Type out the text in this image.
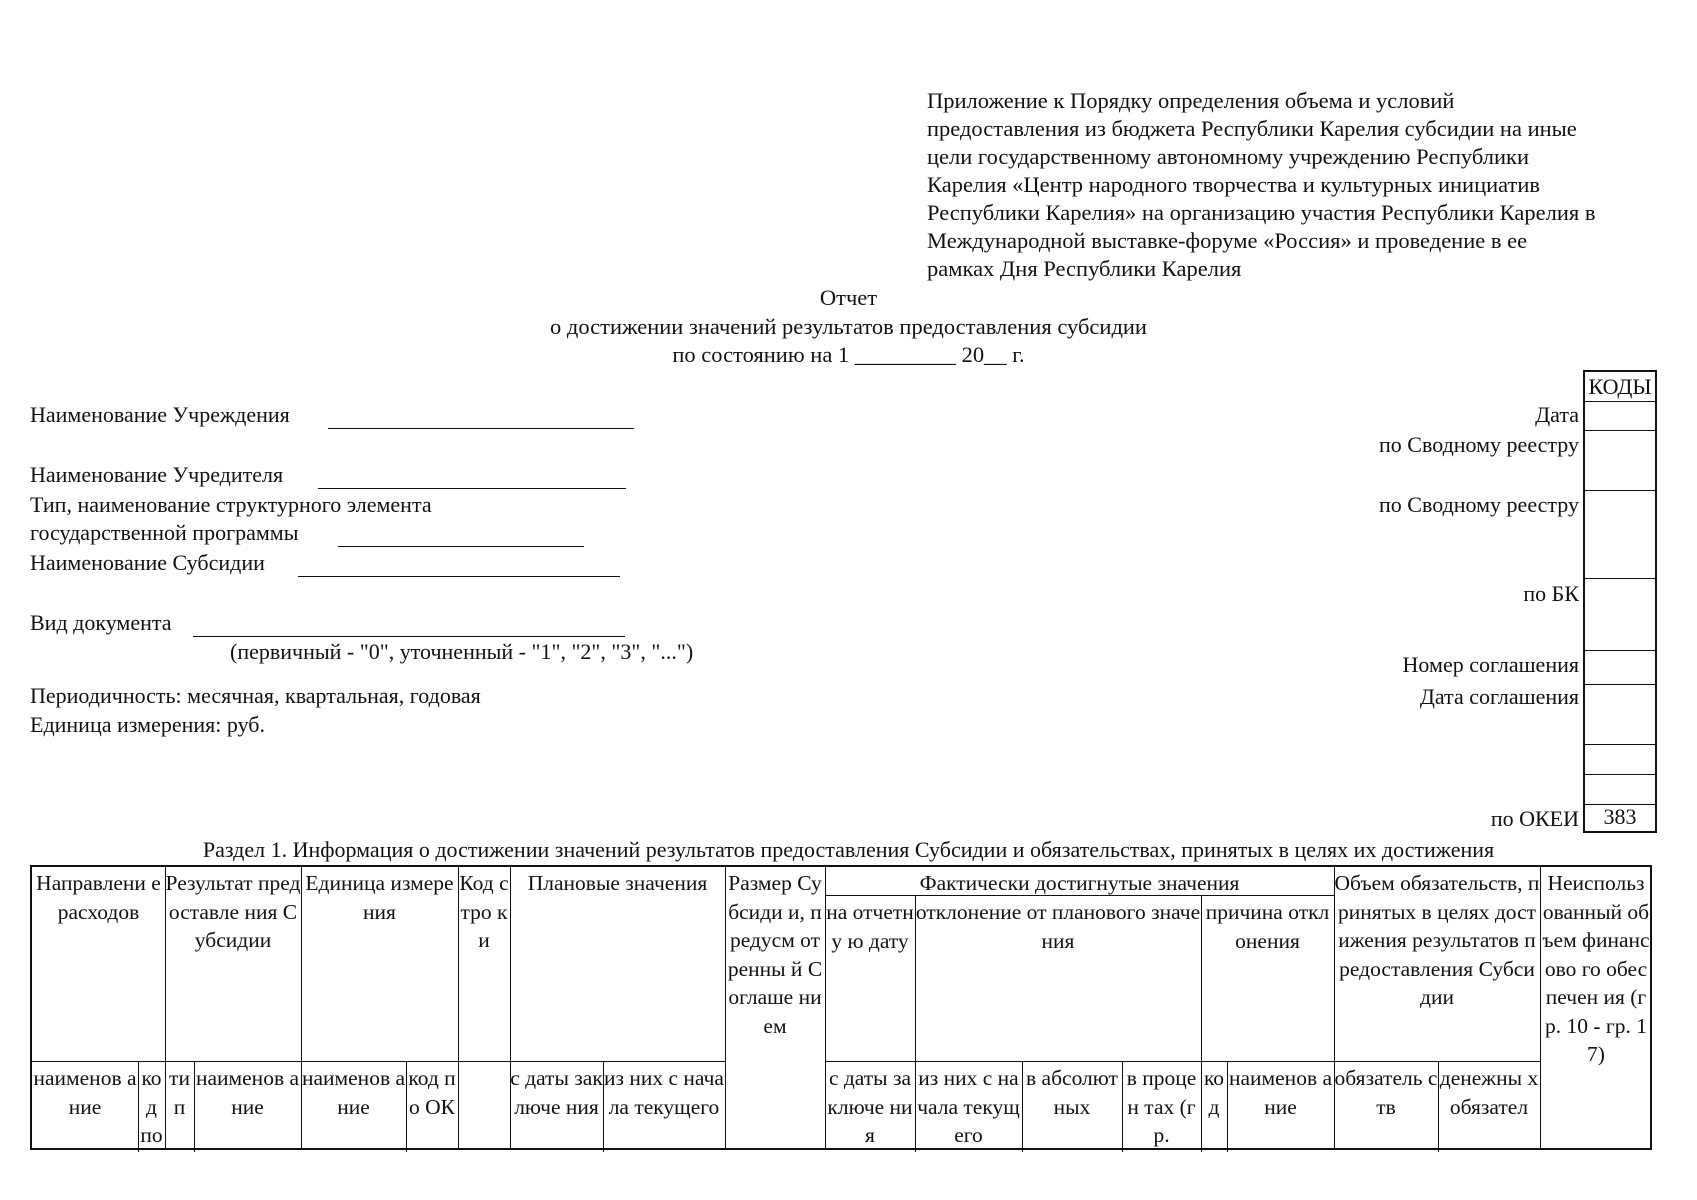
Приложение к Порядку определения объема и условий
предоставления из бюджета Республики Карелия субсидии на иные
цели государственному автономному учреждению Республики
Карелия «Центр народного творчества и культурных инициатив
Республики Карелия» на организацию участия Республики Карелия в
Международной выставке-форуме «Россия» и проведение в ее
рамках Дня Республики Карелия
Отчет
о достижении значений результатов предоставления субсидии
по состоянию на 1 _________ 20__ г.
Наименование Учреждения
Наименование Учредителя
Тип, наименование структурного элемента
государственной программы
Наименование Субсидии
Вид документа
(первичный - "0", уточненный - "1", "2", "3", "...")
Периодичность: месячная, квартальная, годовая
Единица измерения: руб.
Дата
по Сводному реестру
по Сводному реестру
по БК
Номер соглашения
Дата соглашения
по ОКЕИ
КОДЫ
383
Раздел 1. Информация о достижении значений результатов предоставления Субсидии и обязательствах, принятых в целях их достижения
Направлени е расходов
Результат предоставле ния Субсидии
Единица измерения
Код стро ки
Плановые значения Размер Субсиди и, предусм отренны й Соглаше нием
Фактически достигнутые значения
на отчетну ю дату
отклонение от планового значения
причина отклонения
Объем обязательств, принятых в целях достижения результатов предоставления Субсидии
Неиспольз ованный объем финансово го обеспечен ия (гр. 10 - гр. 17)
наименов ание
ко д по
ти п
наименов ание
наименов ание
код по ОК
с даты заключе ния
из них с начала текущего
с даты заключе ния
из них с начала текущего
в абсолют ных
в процен тах (гр.
ко д
наименов ание
обязатель ств
денежны х обязател
